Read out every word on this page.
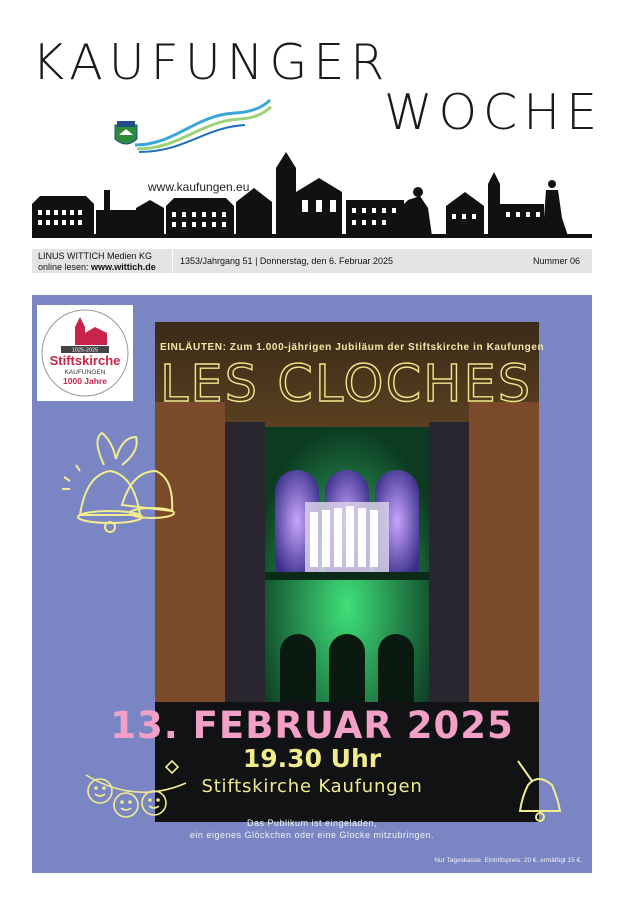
KAUFUNGER
WOCHE
www.kaufungen.eu
LINUS WITTICH Medien KG
online lesen: www.wittich.de
1353/Jahrgang 51 | Donnerstag, den 6. Februar 2025	Nummer 06
1025-2025
Stiftskirche
KAUFUNGEN
1000 Jahre
EINLÄUTEN: Zum 1.000-jährigen Jubiläum der Stiftskirche in Kaufungen
LES CLOCHES
13. FEBRUAR 2025
19.30 Uhr
Stiftskirche Kaufungen
Das Publikum ist eingeladen,
ein eigenes Glöckchen oder eine Glocke mitzubringen.
Nur Tageskasse. Eintrittspreis: 20 €, ermäßigt 15 €.
